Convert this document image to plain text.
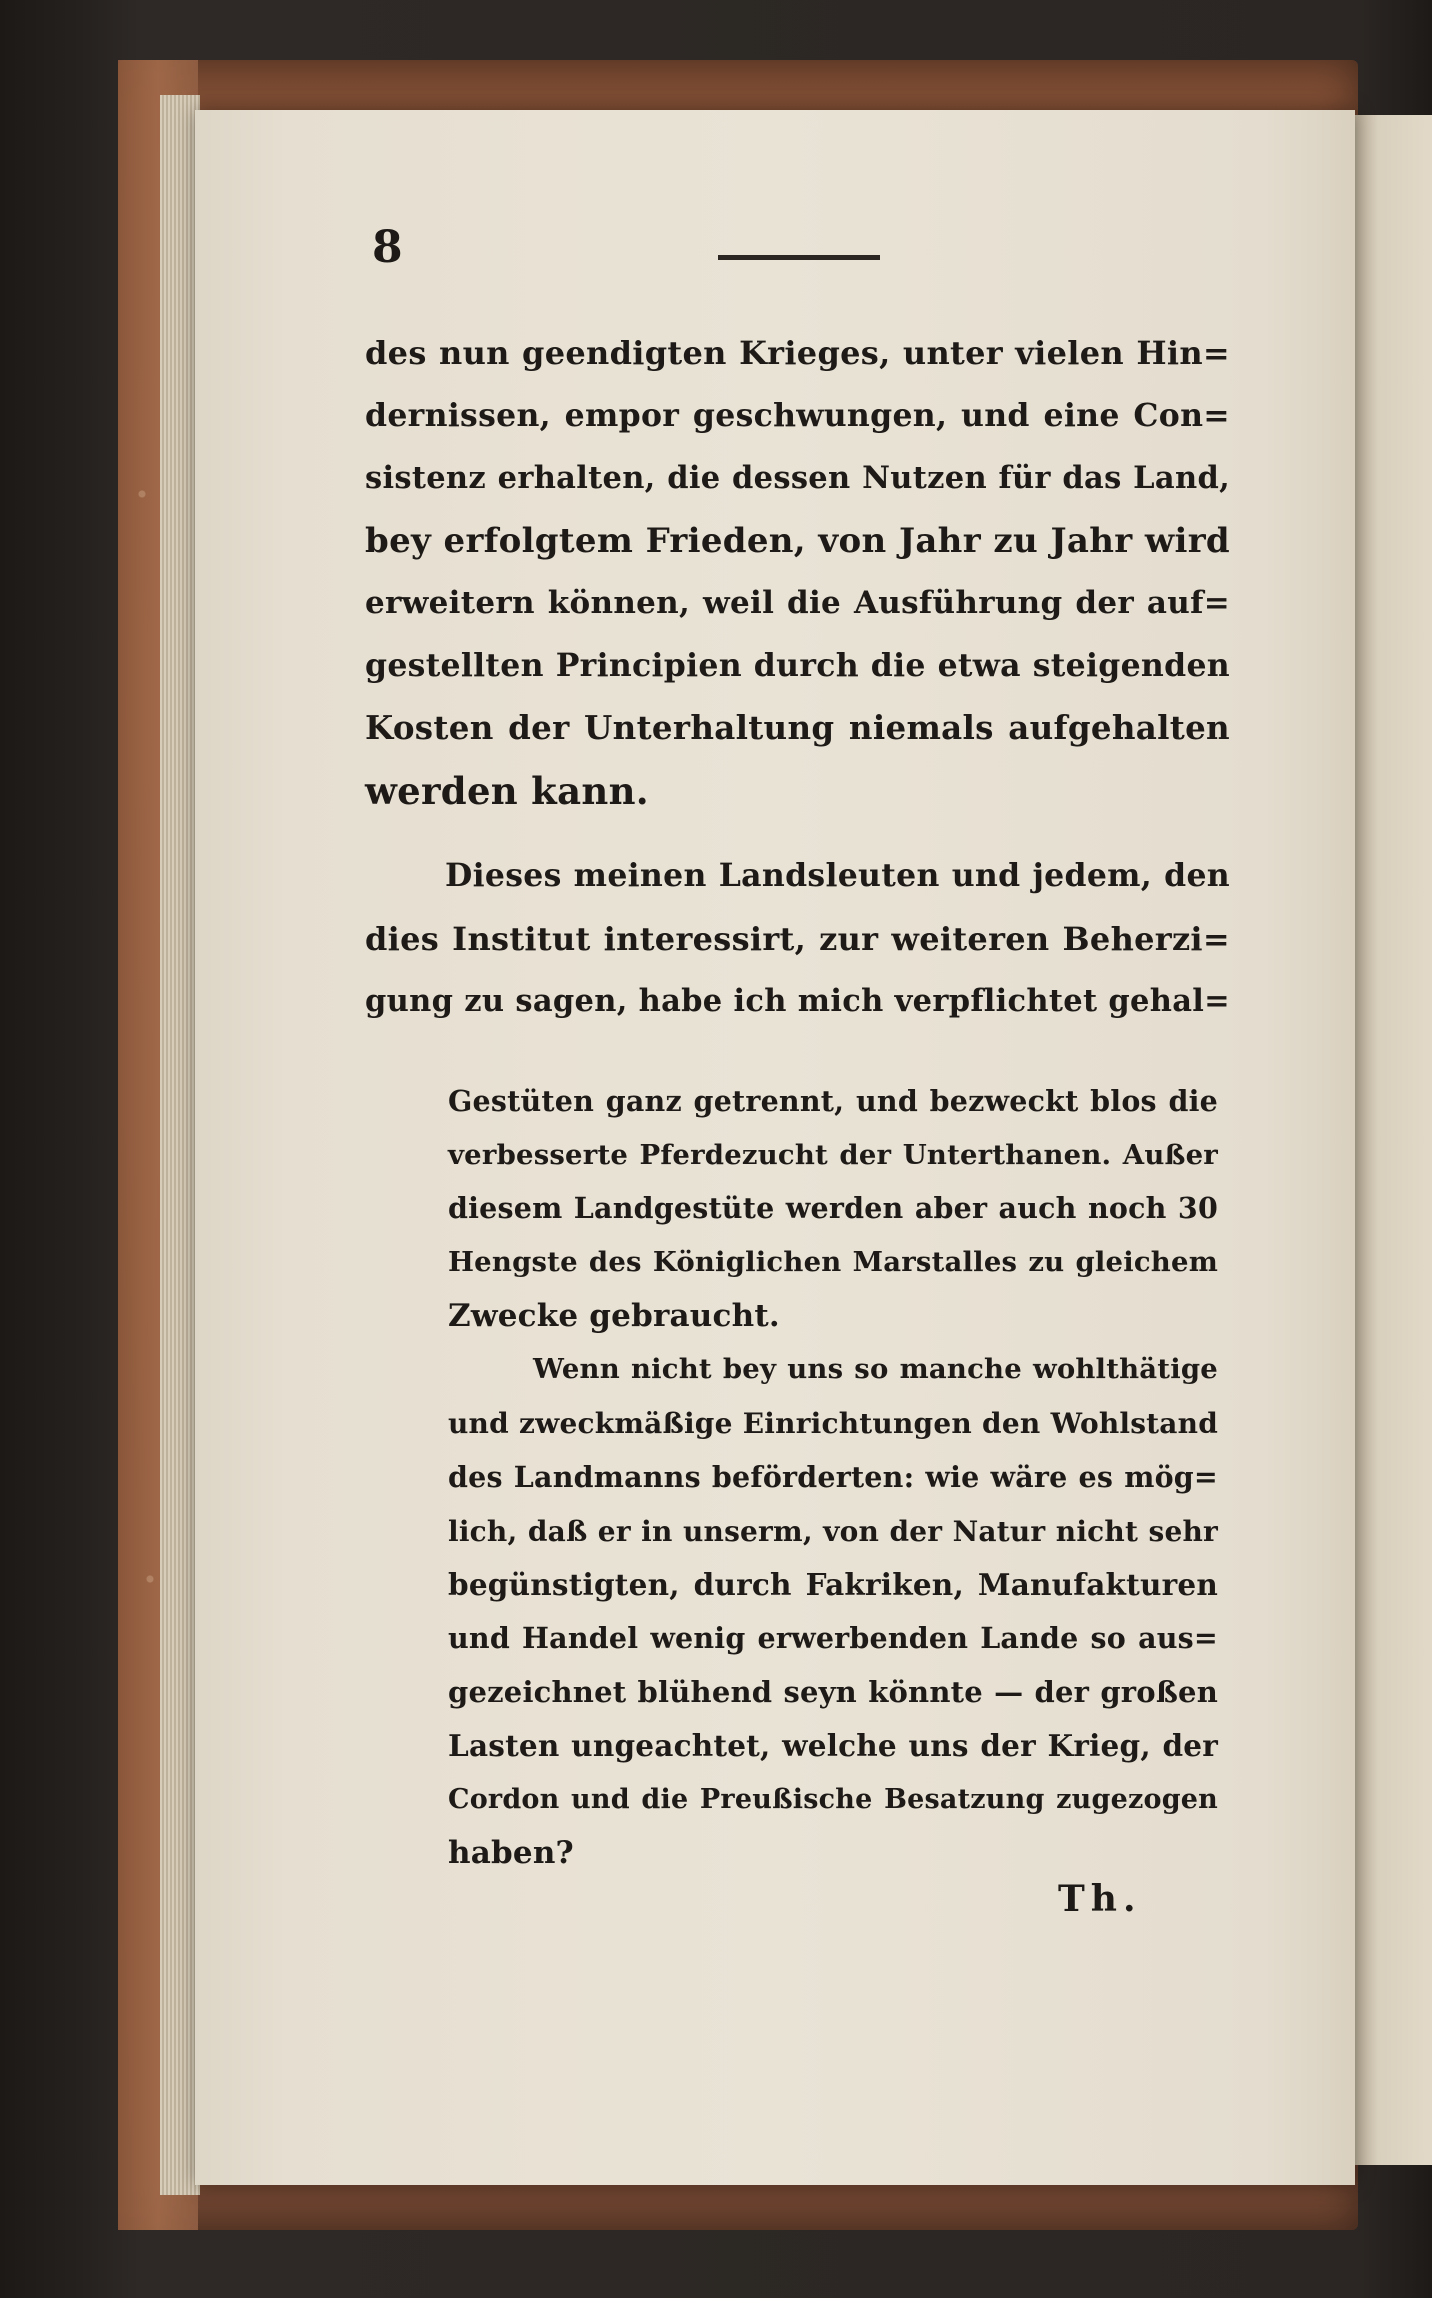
8
des nun geendigten Krieges, unter vielen Hin=
dernissen, empor geschwungen, und eine Con=
sistenz erhalten, die dessen Nutzen für das Land,
bey erfolgtem Frieden, von Jahr zu Jahr wird
erweitern können, weil die Ausführung der auf=
gestellten Principien durch die etwa steigenden
Kosten der Unterhaltung niemals aufgehalten
werden kann.
Dieses meinen Landsleuten und jedem, den
dies Institut interessirt, zur weiteren Beherzi=
gung zu sagen, habe ich mich verpflichtet gehal=
Gestüten ganz getrennt, und bezweckt blos die
verbesserte Pferdezucht der Unterthanen. Außer
diesem Landgestüte werden aber auch noch 30
Hengste des Königlichen Marstalles zu gleichem
Zwecke gebraucht.
Wenn nicht bey uns so manche wohlthätige
und zweckmäßige Einrichtungen den Wohlstand
des Landmanns beförderten: wie wäre es mög=
lich, daß er in unserm, von der Natur nicht sehr
begünstigten, durch Fakriken, Manufakturen
und Handel wenig erwerbenden Lande so aus=
gezeichnet blühend seyn könnte — der großen
Lasten ungeachtet, welche uns der Krieg, der
Cordon und die Preußische Besatzung zugezogen
haben?
Th.
